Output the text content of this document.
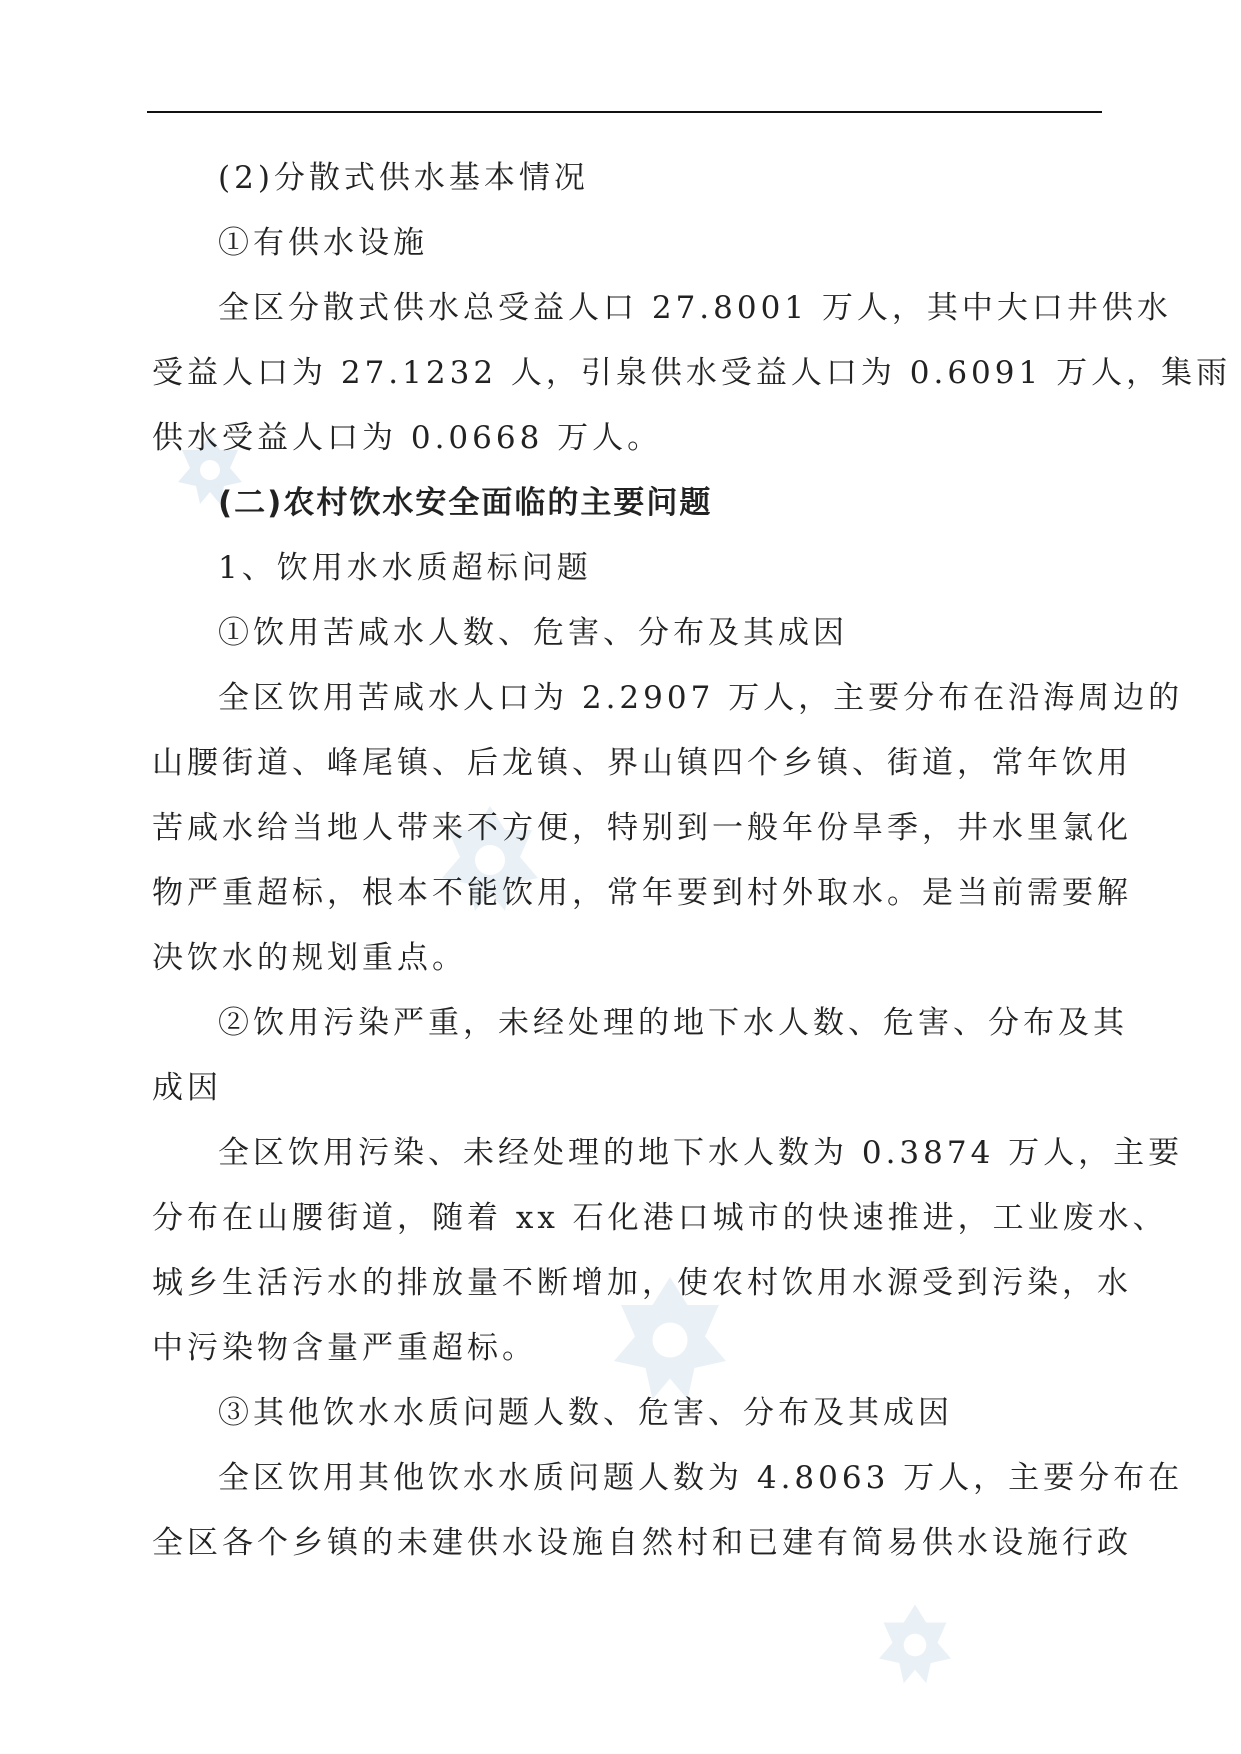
(2)分散式供水基本情况
①有供水设施
全区分散式供水总受益人口 27.8001 万人，其中大口井供水
受益人口为 27.1232 人，引泉供水受益人口为 0.6091 万人，集雨
供水受益人口为 0.0668 万人。
(二)农村饮水安全面临的主要问题
1、饮用水水质超标问题
①饮用苦咸水人数、危害、分布及其成因
全区饮用苦咸水人口为 2.2907 万人，主要分布在沿海周边的
山腰街道、峰尾镇、后龙镇、界山镇四个乡镇、街道，常年饮用
苦咸水给当地人带来不方便，特别到一般年份旱季，井水里氯化
物严重超标，根本不能饮用，常年要到村外取水。是当前需要解
决饮水的规划重点。
②饮用污染严重，未经处理的地下水人数、危害、分布及其
成因
全区饮用污染、未经处理的地下水人数为 0.3874 万人，主要
分布在山腰街道，随着 xx 石化港口城市的快速推进，工业废水、
城乡生活污水的排放量不断增加，使农村饮用水源受到污染，水
中污染物含量严重超标。
③其他饮水水质问题人数、危害、分布及其成因
全区饮用其他饮水水质问题人数为 4.8063 万人，主要分布在
全区各个乡镇的未建供水设施自然村和已建有简易供水设施行政
